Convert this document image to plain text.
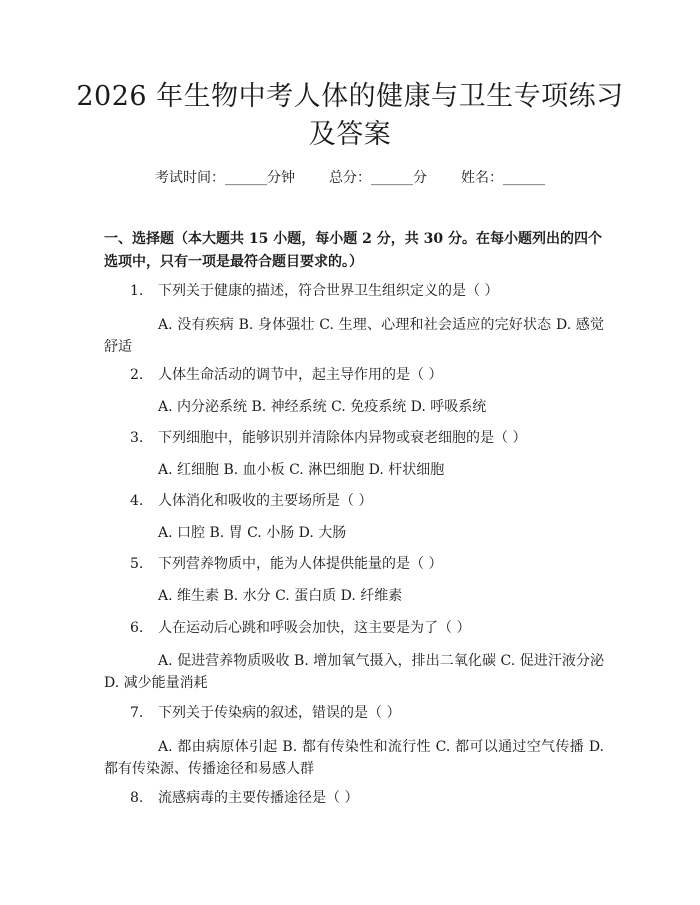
2026 年生物中考人体的健康与卫生专项练习
及答案
考试时间：______分钟 总分：______分 姓名：______
一、选择题（本大题共 15 小题，每小题 2 分，共 30 分。在每小题列出的四个选项中，只有一项是最符合题目要求的。）
1. 下列关于健康的描述，符合世界卫生组织定义的是（ ）
A. 没有疾病 B. 身体强壮 C. 生理、心理和社会适应的完好状态 D. 感觉舒适
2. 人体生命活动的调节中，起主导作用的是（ ）
A. 内分泌系统 B. 神经系统 C. 免疫系统 D. 呼吸系统
3. 下列细胞中，能够识别并清除体内异物或衰老细胞的是（ ）
A. 红细胞 B. 血小板 C. 淋巴细胞 D. 杆状细胞
4. 人体消化和吸收的主要场所是（ ）
A. 口腔 B. 胃 C. 小肠 D. 大肠
5. 下列营养物质中，能为人体提供能量的是（ ）
A. 维生素 B. 水分 C. 蛋白质 D. 纤维素
6. 人在运动后心跳和呼吸会加快，这主要是为了（ ）
A. 促进营养物质吸收 B. 增加氧气摄入，排出二氧化碳 C. 促进汗液分泌 D. 减少能量消耗
7. 下列关于传染病的叙述，错误的是（ ）
A. 都由病原体引起 B. 都有传染性和流行性 C. 都可以通过空气传播 D. 都有传染源、传播途径和易感人群
8. 流感病毒的主要传播途径是（ ）
